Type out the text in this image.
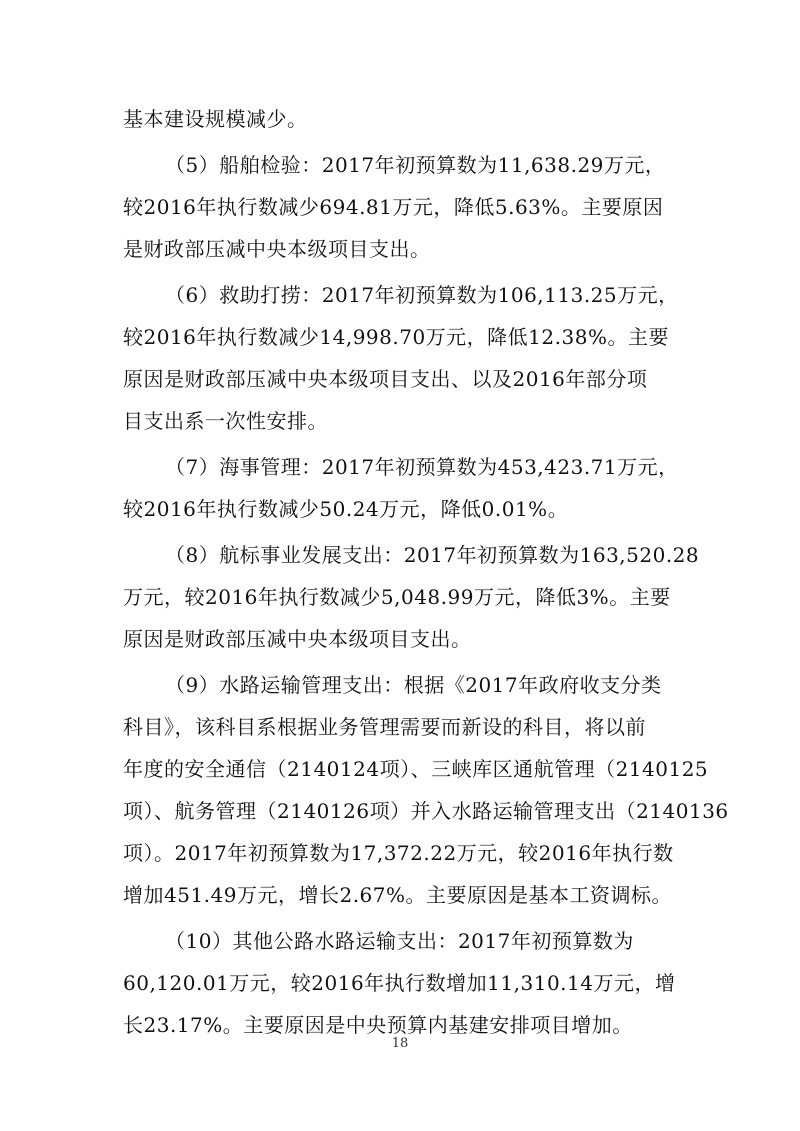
基本建设规模减少。
（5）船舶检验：2017年初预算数为11,638.29万元，
较2016年执行数减少694.81万元，降低5.63%。主要原因
是财政部压减中央本级项目支出。
（6）救助打捞：2017年初预算数为106,113.25万元，
较2016年执行数减少14,998.70万元，降低12.38%。主要
原因是财政部压减中央本级项目支出、以及2016年部分项
目支出系一次性安排。
（7）海事管理：2017年初预算数为453,423.71万元，
较2016年执行数减少50.24万元，降低0.01%。
（8）航标事业发展支出：2017年初预算数为163,520.28
万元，较2016年执行数减少5,048.99万元，降低3%。主要
原因是财政部压减中央本级项目支出。
（9）水路运输管理支出：根据《2017年政府收支分类
科目》，该科目系根据业务管理需要而新设的科目，将以前
年度的安全通信（2140124项）、三峡库区通航管理（2140125
项）、航务管理（2140126项）并入水路运输管理支出（2140136
项）。2017年初预算数为17,372.22万元，较2016年执行数
增加451.49万元，增长2.67%。主要原因是基本工资调标。
（10）其他公路水路运输支出：2017年初预算数为
60,120.01万元，较2016年执行数增加11,310.14万元，增
长23.17%。主要原因是中央预算内基建安排项目增加。
18
